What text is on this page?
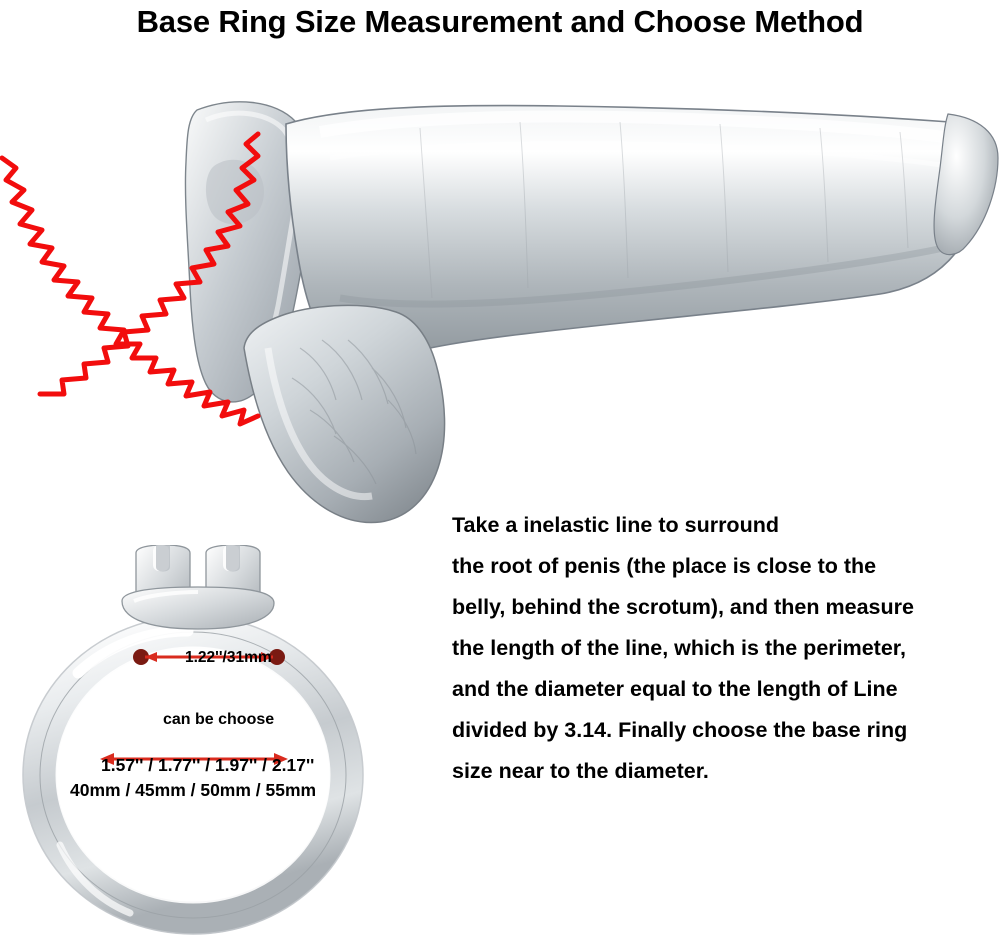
Base Ring Size Measurement and Choose Method
Take a inelastic line to surround
the root of penis (the place is close to the
belly, behind the scrotum), and then measure
the length of the line, which is the perimeter,
and the diameter equal to the length of Line
divided by 3.14. Finally choose the base ring
size near to the diameter.
1.22''/31mm
can be choose
1.57'' / 1.77'' / 1.97'' / 2.17''
40mm / 45mm / 50mm / 55mm
